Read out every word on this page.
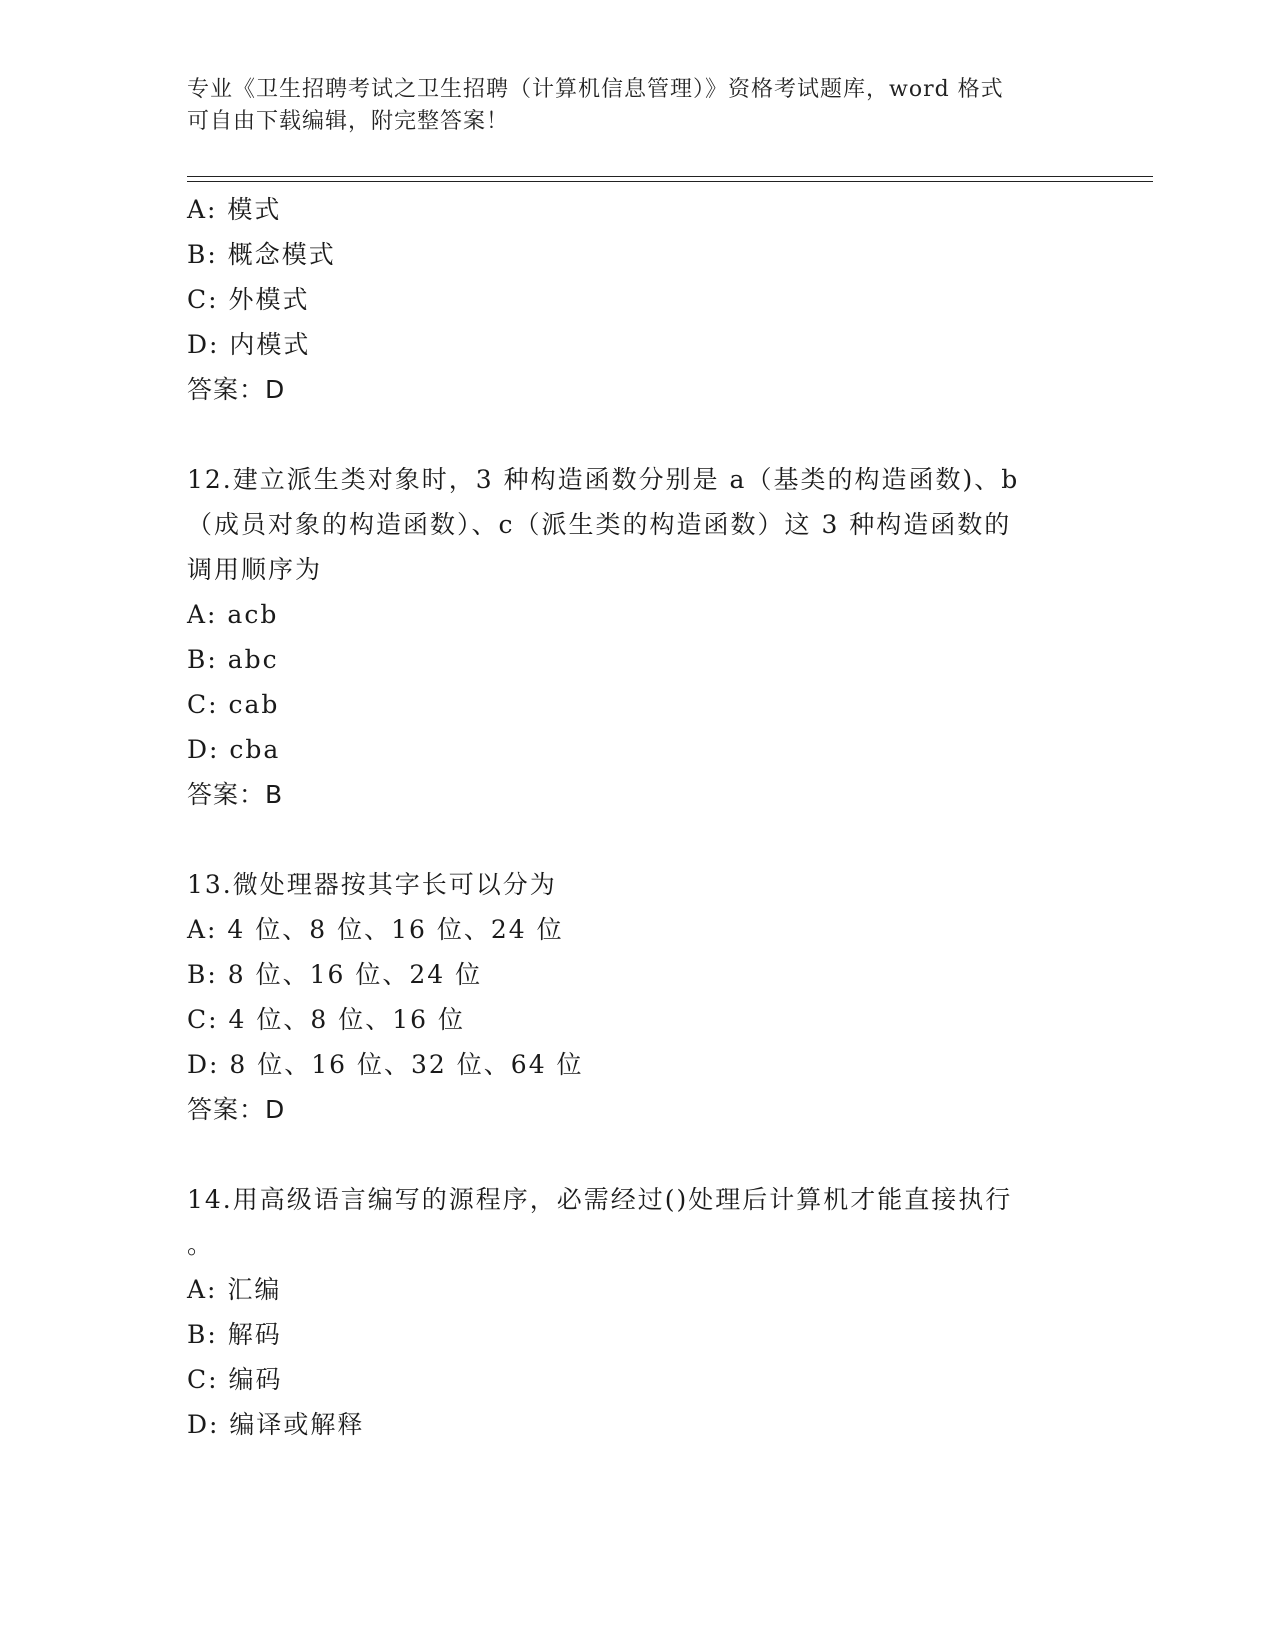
专业《卫生招聘考试之卫生招聘（计算机信息管理）》资格考试题库，word 格式
可自由下载编辑，附完整答案！
A: 模式
B: 概念模式
C: 外模式
D: 内模式
答案：D
12.建立派生类对象时，3 种构造函数分别是 a（基类的构造函数)、b
（成员对象的构造函数）、c（派生类的构造函数）这 3 种构造函数的
调用顺序为
A: acb
B: abc
C: cab
D: cba
答案：B
13.微处理器按其字长可以分为
A: 4 位、8 位、16 位、24 位
B: 8 位、16 位、24 位
C: 4 位、8 位、16 位
D: 8 位、16 位、32 位、64 位
答案：D
14.用高级语言编写的源程序，必需经过()处理后计算机才能直接执行
。
A: 汇编
B: 解码
C: 编码
D: 编译或解释
